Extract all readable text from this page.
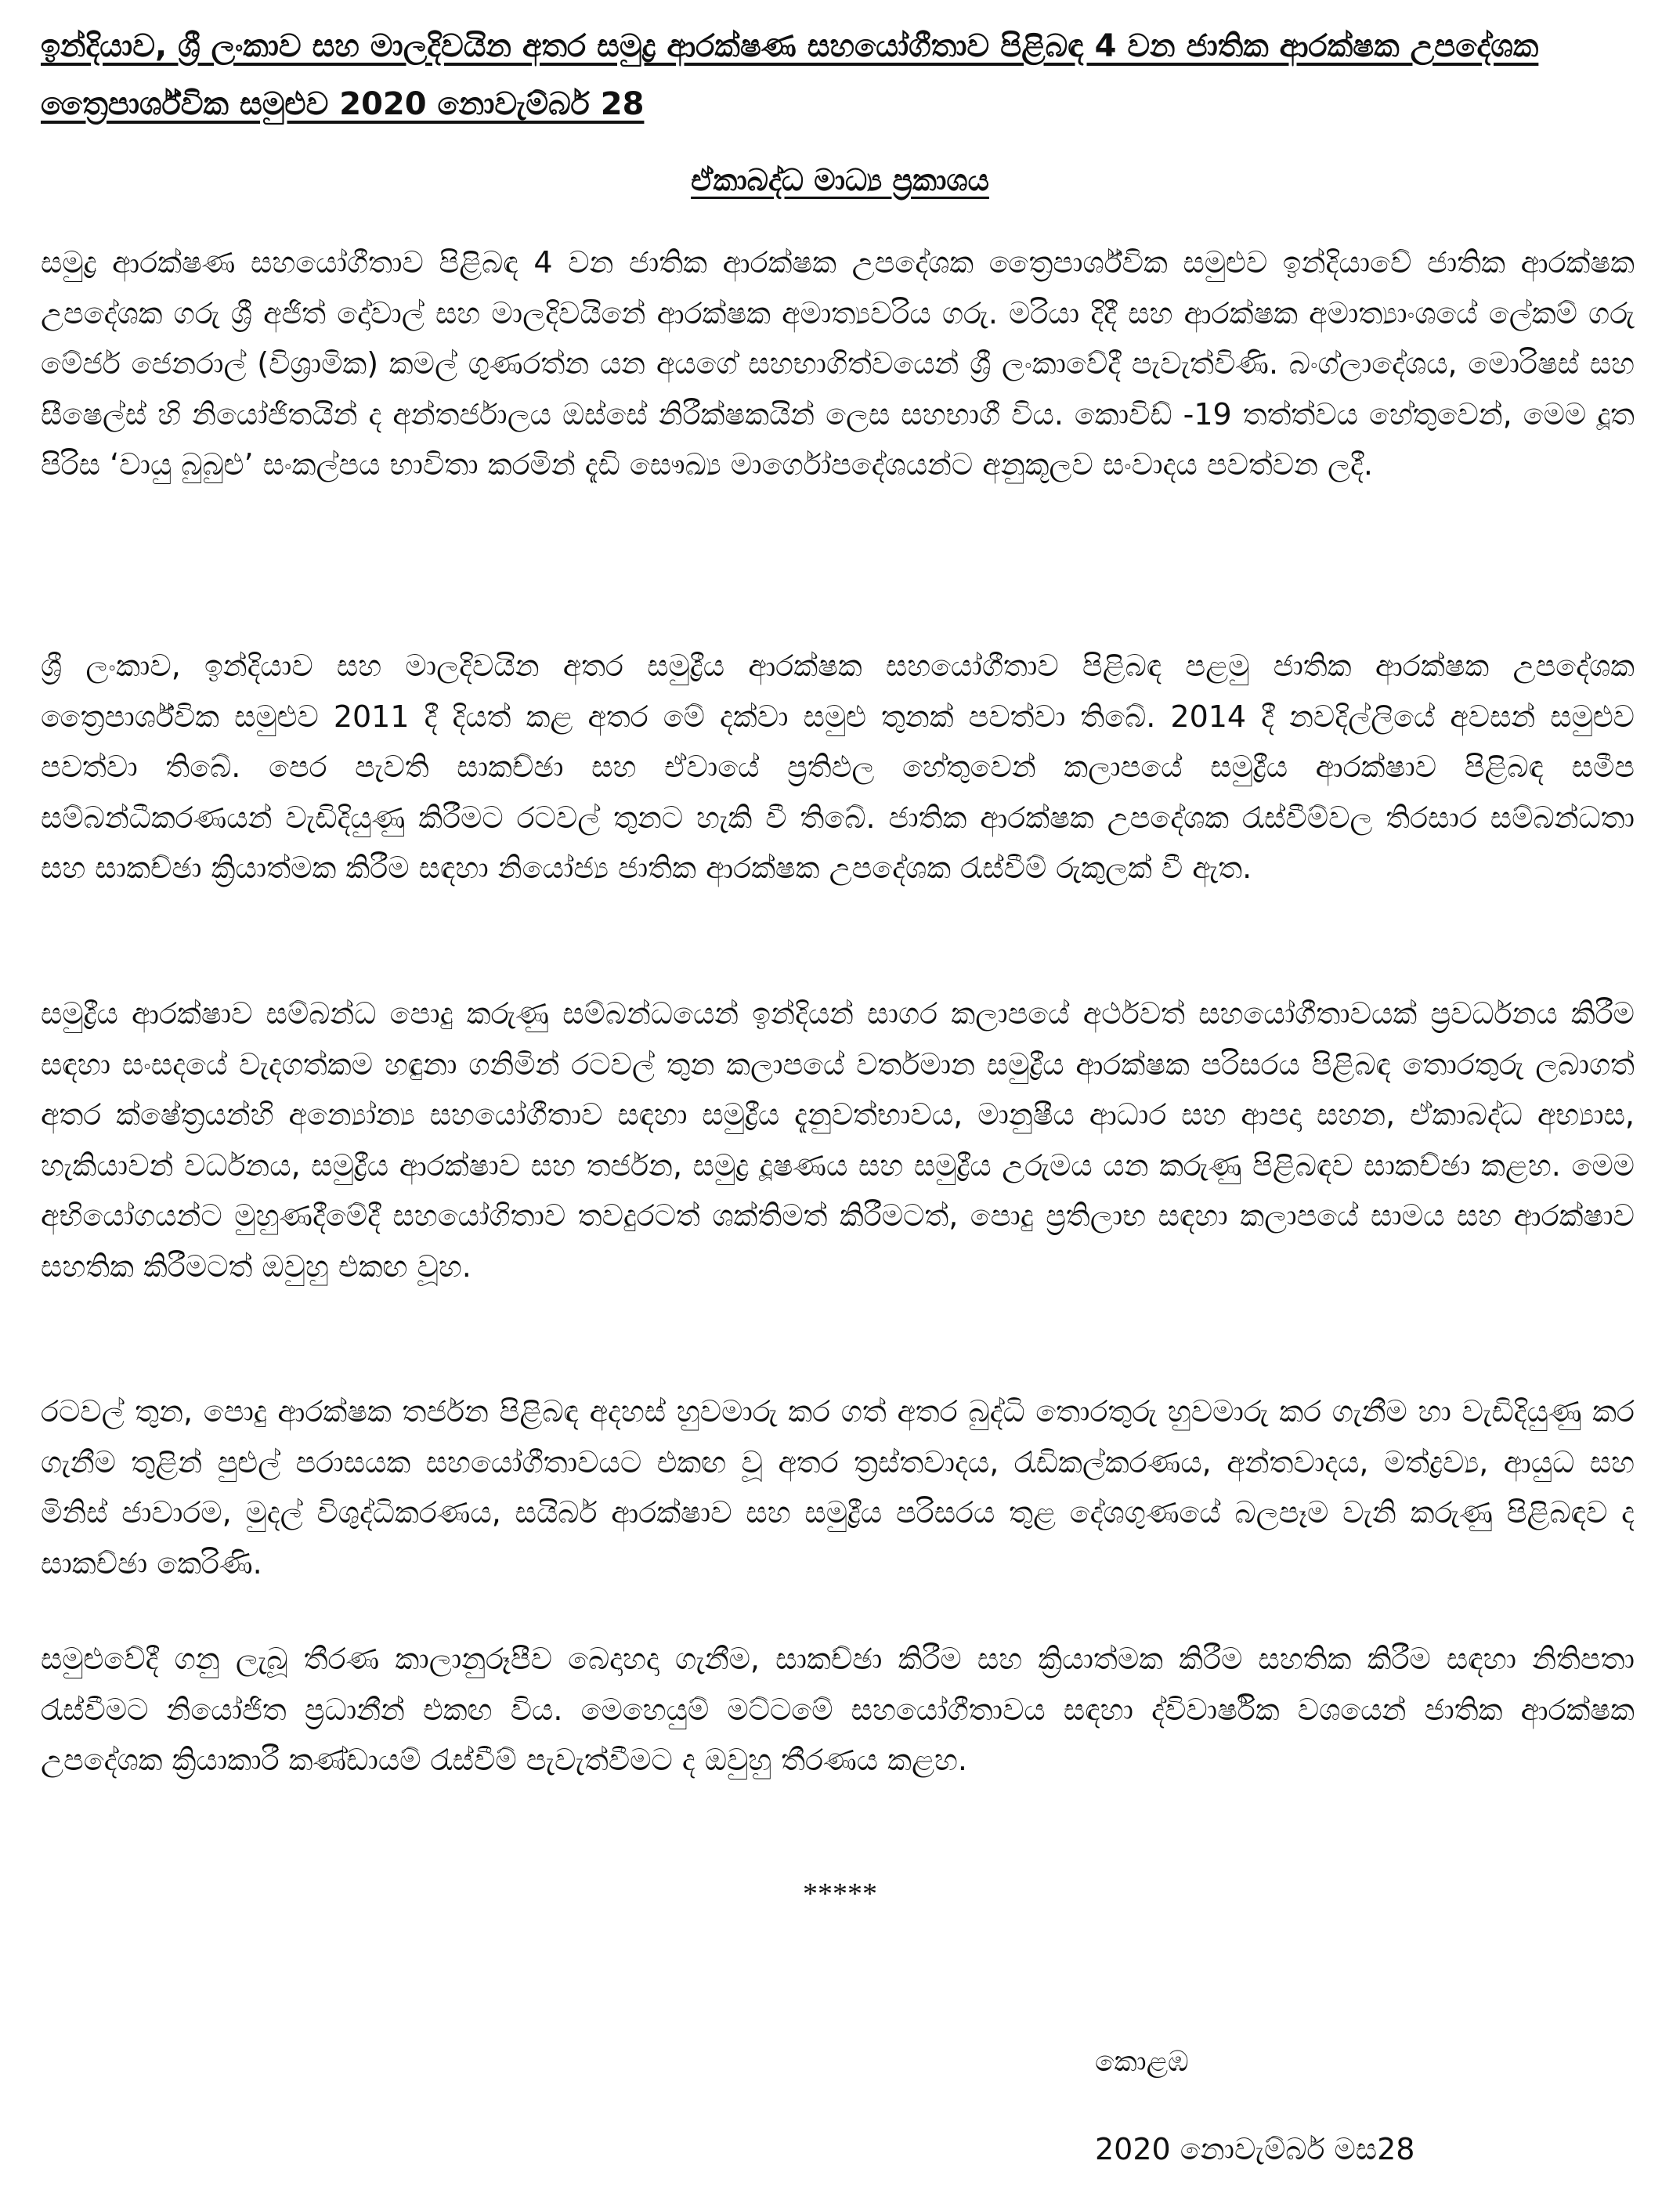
ඉන්දියාව, ශ්‍රී ලංකාව සහ මාලදිවයින අතර සමුද්‍ර ආරක්ෂණ සහයෝගීතාව පිළිබඳ 4 වන ජාතික ආරක්ෂක උපදේශක ත්‍රෛපාර්ශ්වික සමුළුව 2020 නොවැම්බර් 28

ඒකාබද්ධ මාධ්‍ය ප්‍රකාශය

සමුද්‍ර ආරක්ෂණ සහයෝගීතාව පිළිබඳ 4 වන ජාතික ආරක්ෂක උපදේශක ත්‍රෛපාර්ශ්වික සමුළුව ඉන්දියාවේ ජාතික ආරක්ෂක උපදේශක ගරු ශ්‍රී අජිත් දෝවාල් සහ මාලදිවයිනේ ආරක්ෂක අමාත්‍යවරිය ගරු. මරියා දිදී සහ ආරක්ෂක අමාත්‍යාංශයේ ලේකම් ගරු මේජර් ජෙනරාල් (විශ්‍රාමික) කමල් ගුණරත්න යන අයගේ සහභාගිත්වයෙන් ශ්‍රී ලංකාවේදී පැවැත්විණි. බංග්ලාදේශය, මොරිෂස් සහ සීෂෙල්ස් හි නියෝජිතයින් ද අන්තර්ජාලය ඔස්සේ නිරීක්ෂකයින් ලෙස සහභාගී විය. කොවිඩ් -19 තත්ත්වය හේතුවෙන්, මෙම දූත පිරිස ‘වායු බුබුළු’ සංකල්පය භාවිතා කරමින් දැඩි සෞඛ්‍ය මාර්ගෝපදේශයන්ට අනුකූලව සංවාදය පවත්වන ලදී.

ශ්‍රී ලංකාව, ඉන්දියාව සහ මාලදිවයින අතර සමුද්‍රීය ආරක්ෂක සහයෝගීතාව පිළිබඳ පළමු ජාතික ආරක්ෂක උපදේශක ත්‍රෛපාර්ශ්වික සමුළුව 2011 දී දියත් කළ අතර මේ දක්වා සමුළු තුනක් පවත්වා තිබේ. 2014 දී නවදිල්ලියේ අවසන් සමුළුව පවත්වා තිබේ. පෙර පැවති සාකච්ඡා සහ ඒවායේ ප්‍රතිඵල හේතුවෙන් කලාපයේ සමුද්‍රීය ආරක්ෂාව පිළිබඳ සමීප සම්බන්ධීකරණයන් වැඩිදියුණු කිරීමට රටවල් තුනට හැකි වී තිබේ. ජාතික ආරක්ෂක උපදේශක රැස්වීම්වල තිරසාර සම්බන්ධතා සහ සාකච්ඡා ක්‍රියාත්මක කිරීම සඳහා නියෝජ්‍ය ජාතික ආරක්ෂක උපදේශක රැස්වීම් රුකුලක් වී ඇත.

සමුද්‍රීය ආරක්ෂාව සම්බන්ධ පොදු කරුණු සම්බන්ධයෙන් ඉන්දියන් සාගර කලාපයේ අර්ථවත් සහයෝගීතාවයක් ප්‍රවර්ධනය කිරීම සඳහා සංසදයේ වැදගත්කම හඳුනා ගනිමින් රටවල් තුන කලාපයේ වර්තමාන සමුද්‍රීය ආරක්ෂක පරිසරය පිළිබඳ තොරතුරු ලබාගත් අතර ක්ෂේත්‍රයන්හි අන්‍යෝන්‍ය සහයෝගීතාව සඳහා සමුද්‍රීය දැනුවත්භාවය, මානුෂීය ආධාර සහ ආපදා සහන, ඒකාබද්ධ අභ්‍යාස, හැකියාවන් වර්ධනය, සමුද්‍රීය ආරක්ෂාව සහ තර්ජන, සමුද්‍ර දූෂණය සහ සමුද්‍රීය උරුමය යන කරුණු පිළිබඳව සාකච්ඡා කළහ. මෙම අභියෝගයන්ට මුහුණදීමේදී සහයෝගිතාව තවදුරටත් ශක්තිමත් කිරීමටත්, පොදු ප්‍රතිලාභ සඳහා කලාපයේ සාමය සහ ආරක්ෂාව සහතික කිරීමටත් ඔවුහු එකඟ වූහ.

රටවල් තුන, පොදු ආරක්ෂක තර්ජන පිළිබඳ අදහස් හුවමාරු කර ගත් අතර බුද්ධි තොරතුරු හුවමාරු කර ගැනීම හා වැඩිදියුණු කර ගැනීම තුළින් පුළුල් පරාසයක සහයෝගීතාවයට එකඟ වූ අතර ත්‍රස්තවාදය, රැඩිකල්කරණය, අන්තවාදය, මත්ද්‍රව්‍ය, ආයුධ සහ මිනිස් ජාවාරම, මුදල් විශුද්ධිකරණය, සයිබර් ආරක්ෂාව සහ සමුද්‍රීය පරිසරය තුළ දේශගුණයේ බලපෑම වැනි කරුණු පිළිබඳව ද සාකච්ඡා කෙරිණි.

සමුළුවේදී ගනු ලැබූ තීරණ කාලානුරූපීව බෙදාහදා ගැනීම, සාකච්ඡා කිරීම සහ ක්‍රියාත්මක කිරීම සහතික කිරීම සඳහා නිතිපතා රැස්වීමට නියෝජිත ප්‍රධානීන් එකඟ විය. මෙහෙයුම් මට්ටමේ සහයෝගීතාවය සඳහා ද්විවාර්ෂික වශයෙන් ජාතික ආරක්ෂක උපදේශක ක්‍රියාකාරී කණ්ඩායම් රැස්වීම් පැවැත්වීමට ද ඔවුහු තීරණය කළහ.

*****

කොළඹ

2020 නොවැම්බර් මස28
